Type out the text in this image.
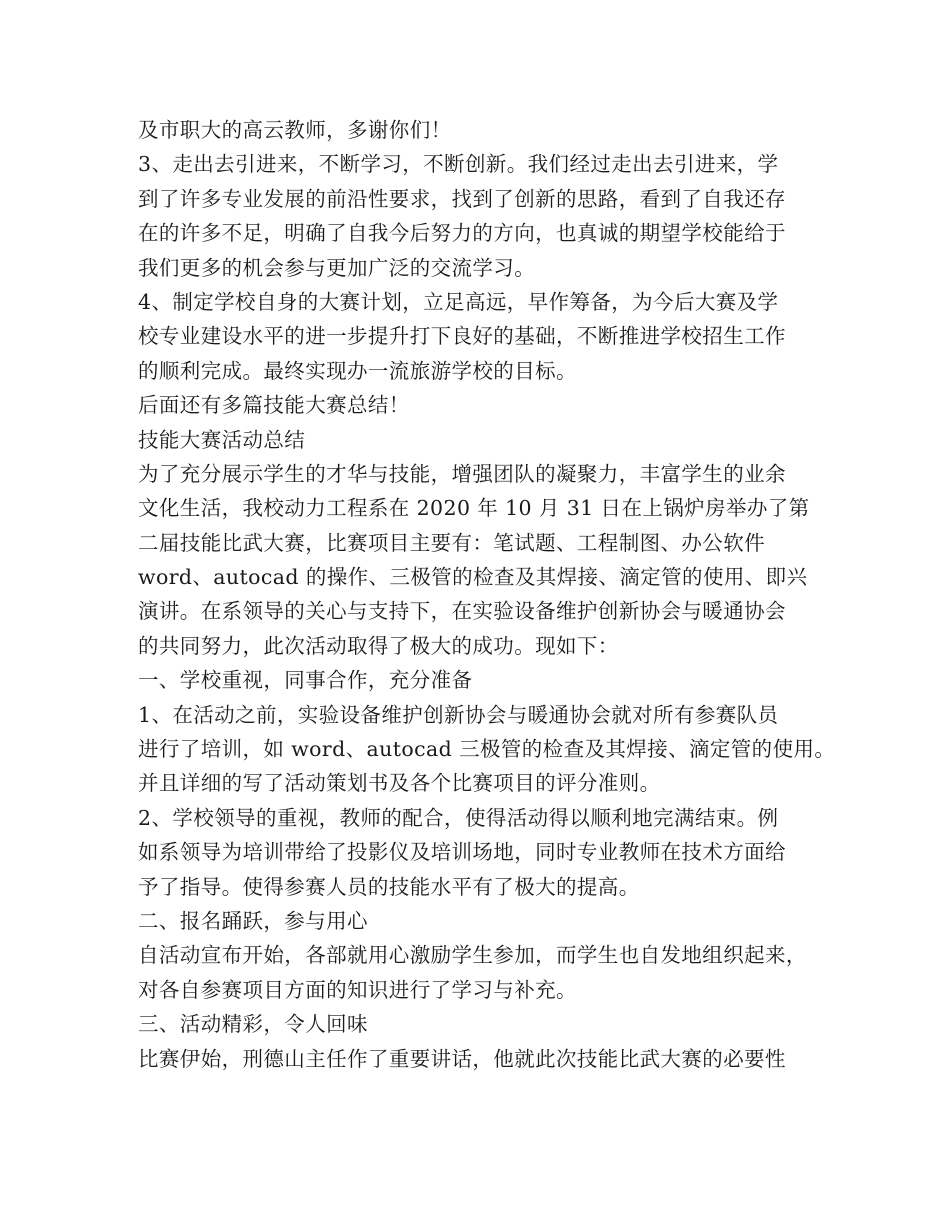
及市职大的高云教师，多谢你们！
3、走出去引进来，不断学习，不断创新。我们经过走出去引进来，学
到了许多专业发展的前沿性要求，找到了创新的思路，看到了自我还存
在的许多不足，明确了自我今后努力的方向，也真诚的期望学校能给于
我们更多的机会参与更加广泛的交流学习。
4、制定学校自身的大赛计划，立足高远，早作筹备，为今后大赛及学
校专业建设水平的进一步提升打下良好的基础，不断推进学校招生工作
的顺利完成。最终实现办一流旅游学校的目标。
后面还有多篇技能大赛总结！
技能大赛活动总结
为了充分展示学生的才华与技能，增强团队的凝聚力，丰富学生的业余
文化生活，我校动力工程系在 2020 年 10 月 31 日在上锅炉房举办了第
二届技能比武大赛，比赛项目主要有：笔试题、工程制图、办公软件
word、autocad 的操作、三极管的检查及其焊接、滴定管的使用、即兴
演讲。在系领导的关心与支持下，在实验设备维护创新协会与暖通协会
的共同努力，此次活动取得了极大的成功。现如下：
一、学校重视，同事合作，充分准备
1、在活动之前，实验设备维护创新协会与暖通协会就对所有参赛队员
进行了培训，如 word、autocad 三极管的检查及其焊接、滴定管的使用。
并且详细的写了活动策划书及各个比赛项目的评分准则。
2、学校领导的重视，教师的配合，使得活动得以顺利地完满结束。例
如系领导为培训带给了投影仪及培训场地，同时专业教师在技术方面给
予了指导。使得参赛人员的技能水平有了极大的提高。
二、报名踊跃，参与用心
自活动宣布开始，各部就用心激励学生参加，而学生也自发地组织起来，
对各自参赛项目方面的知识进行了学习与补充。
三、活动精彩，令人回味
比赛伊始，刑德山主任作了重要讲话，他就此次技能比武大赛的必要性
